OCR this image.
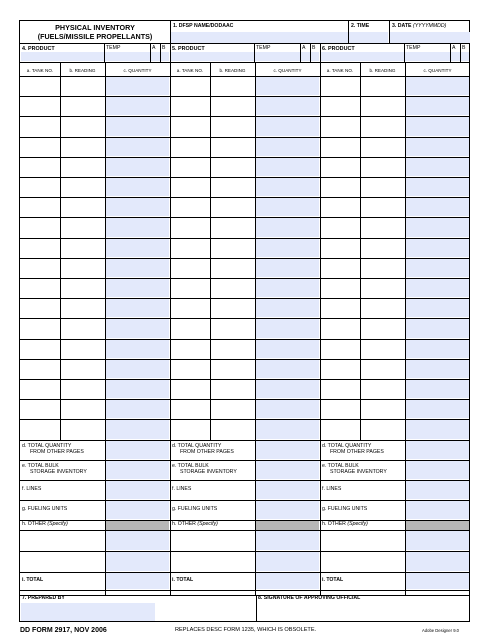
PHYSICAL INVENTORY
(FUELS/MISSILE PROPELLANTS)
1. DFSP NAME/DODAAC	2. TIME	3. DATE (YYYYMMDD)
7. PREPARED BY	8. SIGNATURE OF APPROVING OFFICIAL
4. PRODUCT	TEMP	A B
a. TANK NO.	b. READING	c. QUANTITY
d. TOTAL QUANTITY
FROM OTHER PAGES
e. TOTAL BULK
STORAGE INVENTORY
f. LINES
g. FUELING UNITS
h. OTHER (Specify)
i. TOTAL
5. PRODUCT	TEMP	A B
a. TANK NO.	b. READING	c. QUANTITY
d. TOTAL QUANTITY
FROM OTHER PAGES
e. TOTAL BULK
STORAGE INVENTORY
f. LINES
g. FUELING UNITS
h. OTHER (Specify)
i. TOTAL
6. PRODUCT	TEMP	A B
a. TANK NO.	b. READING	c. QUANTITY
d. TOTAL QUANTITY
FROM OTHER PAGES
e. TOTAL BULK
STORAGE INVENTORY
f. LINES
g. FUELING UNITS
h. OTHER (Specify)
i. TOTAL
DD FORM 2917, NOV 2006	REPLACES DESC FORM 1235, WHICH IS OBSOLETE.	Adobe Designer 9.0
